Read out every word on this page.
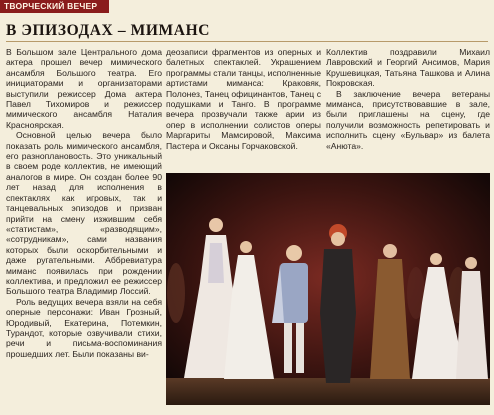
ТВОРЧЕСКИЙ ВЕЧЕР
В ЭПИЗОДАХ – МИМАНС

В Большом зале Центрального дома актера прошел вечер мимического ансамбля Большого театра. Его инициаторами и организаторами выступили режиссер Дома актера Павел Тихомиров и режиссер мимического ансамбля Наталия Красноярская.

Основной целью вечера было показать роль мимического ансамбля, его разноплановость. Это уникальный в своем роде коллектив, не имеющий аналогов в мире. Он создан более 90 лет назад для исполнения в спектаклях как игровых, так и танцевальных эпизодов и призван прийти на смену изжившим себя «статистам», «разводящим», «сотрудникам», сами названия которых были оскорбительными и даже ругательными. Аббревиатура миманс появилась при рождении коллектива, и предложил ее режиссер Большого театра Владимир Лоссий.

Роль ведущих вечера взяли на себя оперные персонажи: Иван Грозный, Юродивый, Екатерина, Потемкин, Турандот, которые озвучивали стихи, речи и письма-воспоминания прошедших лет. Были показаны ви-

деозаписи фрагментов из оперных и балетных спектаклей. Украшением программы стали танцы, исполненные артистами миманса: Краковяк, Полонез, Танец официнантов, Танец с подушками и Танго. В программе вечера прозвучали также арии из опер в исполнении солистов оперы Маргариты Мамсировой, Максима Пастера и Оксаны Горчаковской.

Коллектив поздравили Михаил Лавровский и Георгий Ансимов, Мария Крушевицкая, Татьяна Ташкова и Алина Покровская.

В заключение вечера ветераны миманса, присутствовавшие в зале, были приглашены на сцену, где получили возможность репетировать и исполнить сцену «Бульвар» из балета «Анюта».
